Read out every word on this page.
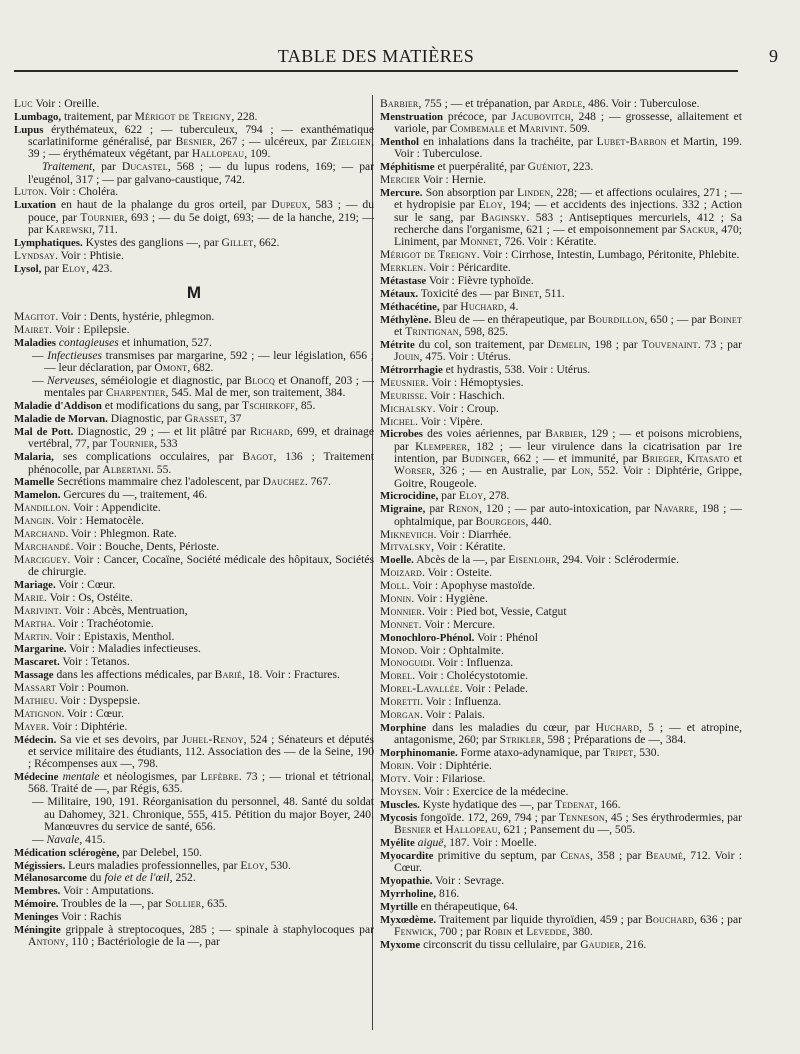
TABLE DES MATIÈRES	9
Luc Voir : Oreille.
Lumbago, traitement, par Mérigot de Treigny, 228.
Lupus érythémateux, 622 ; — tuberculeux, 794 ; — exanthématique scarlatiniforme généralisé, par Besnier, 267 ; — ulcéreux, par Zielgien, 39 ; — érythémateux végétant, par Hallopeau, 109.
Traitement, par Ducastel, 568 ; — du lupus rodens, 169; — par l'eugénol, 317 ; — par galvano-caustique, 742.
Luton. Voir : Choléra.
Luxation en haut de la phalange du gros orteil, par Dupeux, 583 ; — du pouce, par Tournier, 693 ; — du 5e doigt, 693; — de la hanche, 219; — par Karewski, 711.
Lymphatiques. Kystes des ganglions —, par Gillet, 662.
Lyndsay. Voir : Phtisie.
Lysol, par Eloy, 423.
M
Magitot. Voir : Dents, hystérie, phlegmon.
Mairet. Voir : Epilepsie.
Maladies contagieuses et inhumation, 527.
— Infectieuses transmises par margarine, 592 ; — leur législation, 656 ; — leur déclaration, par Omont, 682.
— Nerveuses, séméiologie et diagnostic, par Blocq et Onanoff, 203 ; — mentales par Charpentier, 545. Mal de mer, son traitement, 384.
Maladie d'Addison et modifications du sang, par Tschirkoff, 85.
Maladie de Morvan. Diagnostic, par Grasset, 37
Mal de Pott. Diagnostic, 29 ; — et lit plâtré par Richard, 699, et drainage vertébral, 77, par Tournier, 533
Malaria, ses complications occulaires, par Bagot, 136 ; Traitement phénocolle, par Albertani. 55.
Mamelle Secrétions mammaire chez l'adolescent, par Dauchez. 767.
Mamelon. Gercures du —, traitement, 46.
Mandillon. Voir : Appendicite.
Mangin. Voir : Hematocèle.
Marchand. Voir : Phlegmon. Rate.
Marchandé. Voir : Bouche, Dents, Périoste.
Marciguey. Voir : Cancer, Cocaïne, Société médicale des hôpitaux, Sociétés de chirurgie.
Mariage. Voir : Cœur.
Marie. Voir : Os, Ostéite.
Marivint. Voir : Abcès, Mentruation,
Martha. Voir : Trachéotomie.
Martin. Voir : Epistaxis, Menthol.
Margarine. Voir : Maladies infectieuses.
Mascaret. Voir : Tetanos.
Massage dans les affections médicales, par Barié, 18. Voir : Fractures.
Massart Voir : Poumon.
Mathieu. Voir : Dyspepsie.
Matignon. Voir : Cœur.
Mayer. Voir : Diphtérie.
Médecin. Sa vie et ses devoirs, par Juhel-Renoy, 524 ; Sénateurs et députés et service militaire des étudiants, 112. Association des — de la Seine, 190 ; Récompenses aux —, 798.
Médecine mentale et néologismes, par Lefèbre. 73 ; — trional et tétrional, 568. Traité de —, par Régis, 635.
— Militaire, 190, 191. Réorganisation du personnel, 48. Santé du soldat au Dahomey, 321. Chronique, 555, 415. Pétition du major Boyer, 240. Manœuvres du service de santé, 656.
— Navale, 415.
Médication sclérogène, par Delebel, 150.
Mégissiers. Leurs maladies professionnelles, par Eloy, 530.
Mélanosarcome du foie et de l'œil, 252.
Membres. Voir : Amputations.
Mémoire. Troubles de la —, par Sollier, 635.
Meninges Voir : Rachis
Méningite grippale à streptocoques, 285 ; — spinale à staphylocoques par Antony, 110 ; Bactériologie de la —, par
Barbier, 755 ; — et trépanation, par Ardle, 486. Voir : Tuberculose.
Menstruation précoce, par Jacubovitch, 248 ; — grossesse, allaitement et variole, par Combemale et Marivint. 509.
Menthol en inhalations dans la trachéite, par Lubet-Barbon et Martin, 199. Voir : Tuberculose.
Méphitisme et puerpéralité, par Guéniot, 223.
Mercier Voir : Hernie.
Mercure. Son absorption par Linden, 228; — et affections oculaires, 271 ; — et hydropisie par Eloy, 194; — et accidents des injections. 332 ; Action sur le sang, par Baginsky. 583 ; Antiseptiques mercuriels, 412 ; Sa recherche dans l'organisme, 621 ; — et empoisonnement par Sackur, 470; Liniment, par Monnet, 726. Voir : Kératite.
Mérigot de Treigny. Voir : Cirrhose, Intestin, Lumbago, Péritonite, Phlebite.
Merklen. Voir : Péricardite.
Métastase Voir : Fièvre typhoïde.
Métaux. Toxicité des — par Binet, 511.
Méthacétine, par Huchard, 4.
Méthylène. Bleu de — en thérapeutique, par Bourdillon, 650 ; — par Boinet et Trintignan, 598, 825.
Métrite du col, son traitement, par Demelin, 198 ; par Touvenaint. 73 ; par Jouin, 475. Voir : Utérus.
Métrorrhagie et hydrastis, 538. Voir : Utérus.
Meusnier. Voir : Hémoptysies.
Meurisse. Voir : Haschich.
Michalsky. Voir : Croup.
Michel. Voir : Vipère.
Microbes des voies aériennes, par Barbier, 129 ; — et poisons microbiens, par Klemperer, 182 ; — leur virulence dans la cicatrisation par 1re intention, par Budinger, 662 ; — et immunité, par Brieger, Kitasato et Worser, 326 ; — en Australie, par Lon, 552. Voir : Diphtérie, Grippe, Goitre, Rougeole.
Microcidine, par Eloy, 278.
Migraine, par Renon, 120 ; — par auto-intoxication, par Navarre, 198 ; — ophtalmique, par Bourgeois, 440.
Mikneviich. Voir : Diarrhée.
Mitvalsky, Voir : Kératite.
Moelle. Abcès de la —, par Eisenlohr, 294. Voir : Sclérodermie.
Moizard. Voir : Osteite.
Moll. Voir : Apophyse mastoïde.
Monin. Voir : Hygiène.
Monnier. Voir : Pied bot, Vessie, Catgut
Monnet. Voir : Mercure.
Monochloro-Phénol. Voir : Phénol
Monod. Voir : Ophtalmite.
Monoguidi. Voir : Influenza.
Morel. Voir : Cholécystotomie.
Morel-Lavallée. Voir : Pelade.
Moretti. Voir : Influenza.
Morgan. Voir : Palais.
Morphine dans les maladies du cœur, par Huchard, 5 ; — et atropine, antagonisme, 260; par Strikler, 598 ; Préparations de —, 384.
Morphinomanie. Forme ataxo-adynamique, par Tripet, 530.
Morin. Voir : Diphtérie.
Moty. Voir : Filariose.
Moysen. Voir : Exercice de la médecine.
Muscles. Kyste hydatique des —, par Tedenat, 166.
Mycosis fongoïde. 172, 269, 794 ; par Tenneson, 45 ; Ses érythrodermies, par Besnier et Hallopeau, 621 ; Pansement du —, 505.
Myélite aiguë, 187. Voir : Moelle.
Myocardite primitive du septum, par Cenas, 358 ; par Beaumé, 712. Voir : Cœur.
Myopathie. Voir : Sevrage.
Myrrholine, 816.
Myrtille en thérapeutique, 64.
Myxœdème. Traitement par liquide thyroïdien, 459 ; par Bouchard, 636 ; par Fenwick, 700 ; par Robin et Levedde, 380.
Myxome circonscrit du tissu cellulaire, par Gaudier, 216.
